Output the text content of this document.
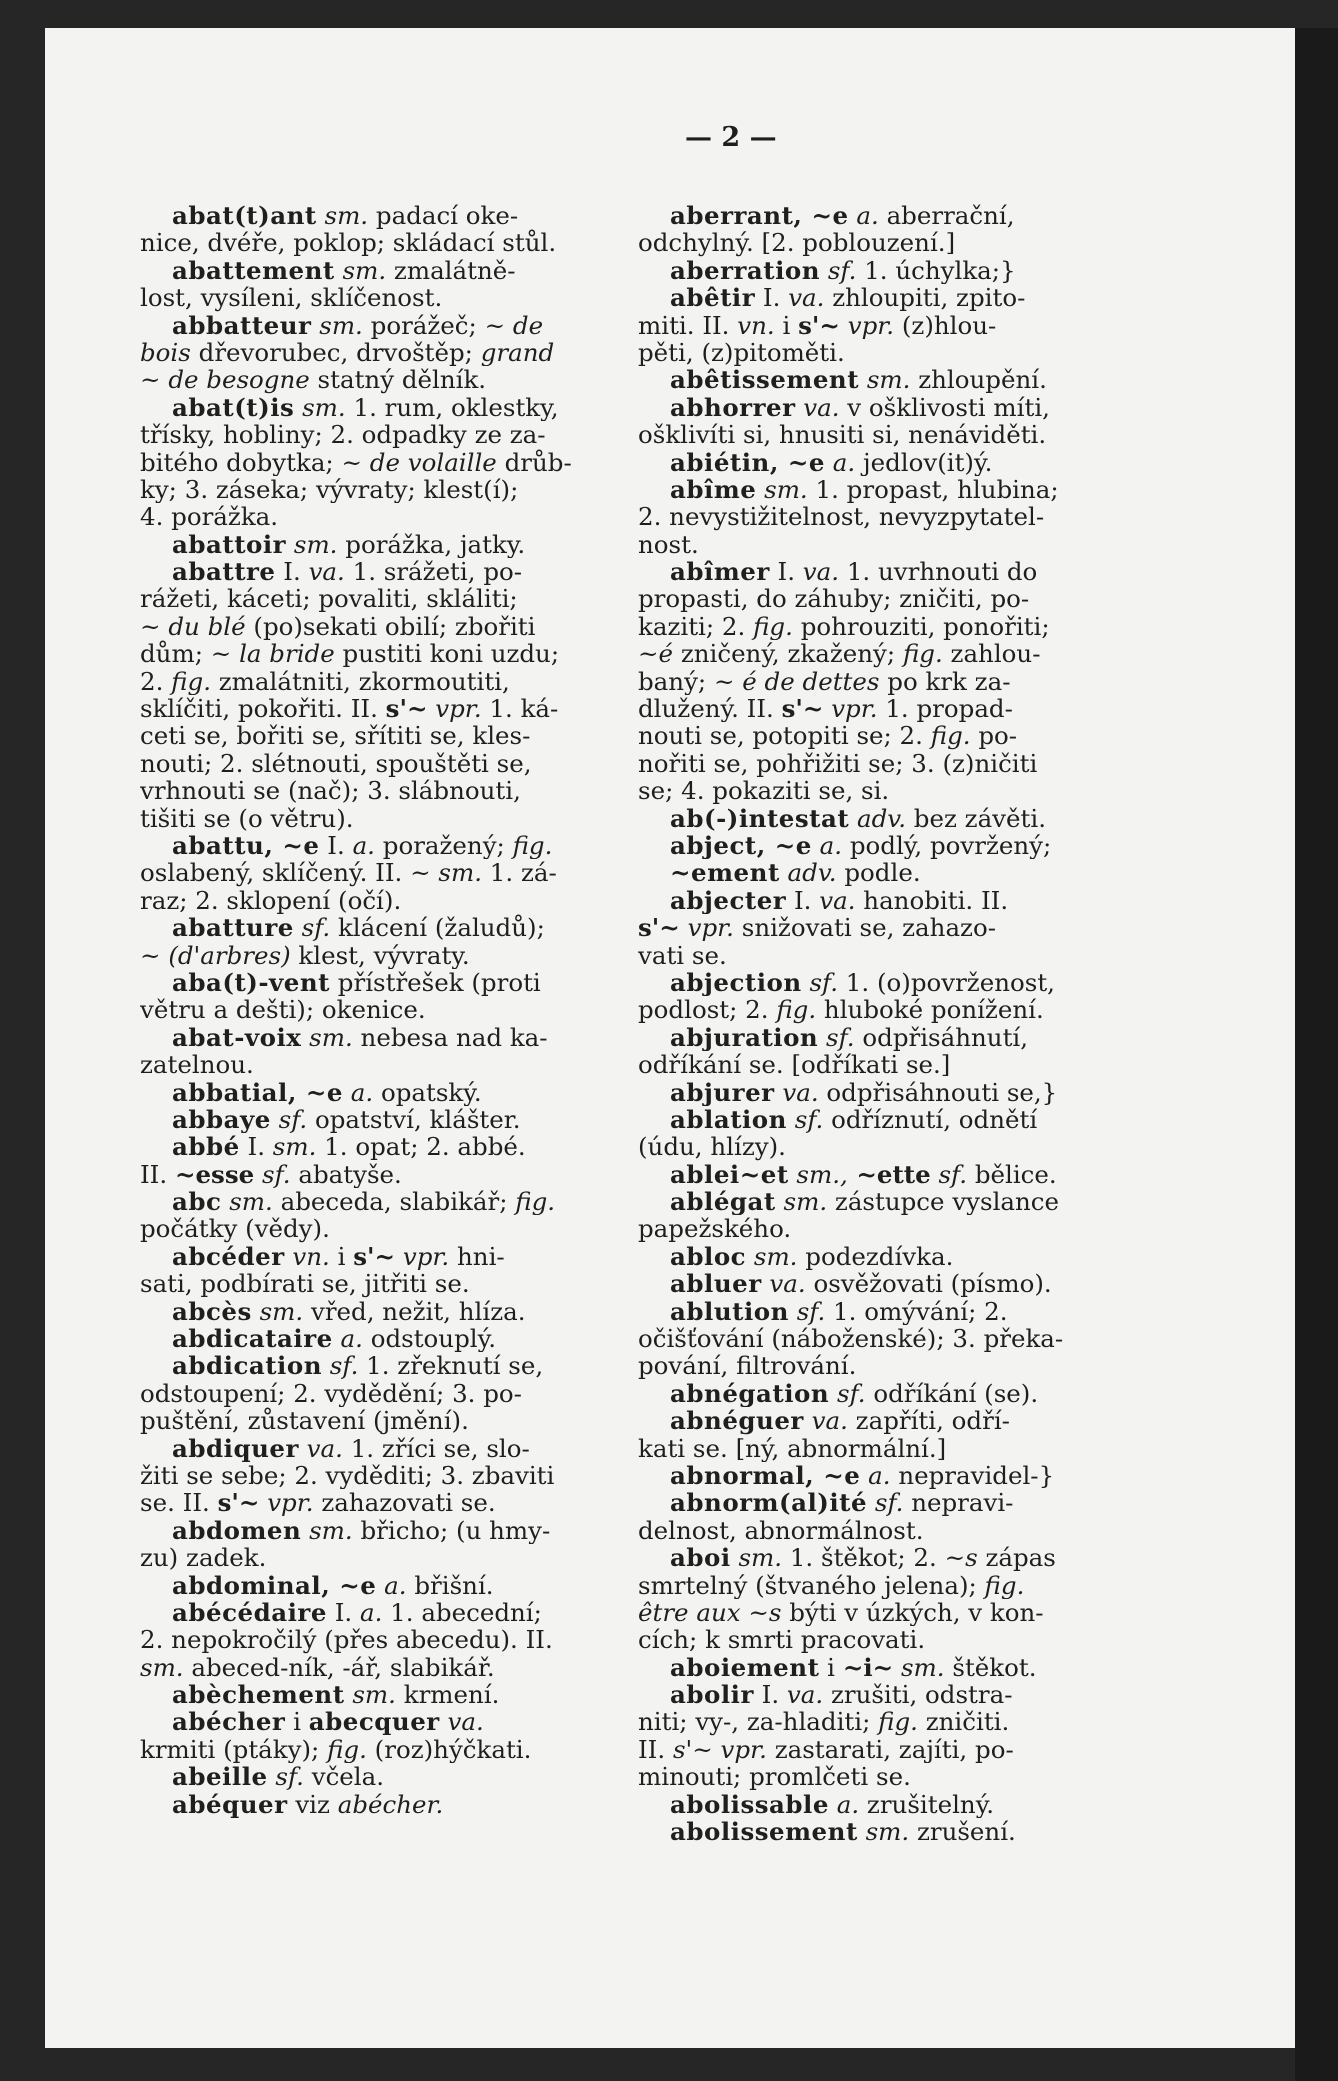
— 2 —
abat(t)ant sm. padací oke-
nice, dvéře, poklop; skládací stůl.
abattement sm. zmalátně-
lost, vysíleni, sklíčenost.
abbatteur sm. porážeč; ~ de
bois dřevorubec, drvoštěp; grand
~ de besogne statný dělník.
abat(t)is sm. 1. rum, oklestky,
třísky, hobliny; 2. odpadky ze za-
bitého dobytka; ~ de volaille drůb-
ky; 3. záseka; vývraty; klest(í);
4. porážka.
abattoir sm. porážka, jatky.
abattre I. va. 1. srážeti, po-
rážeti, káceti; povaliti, skláliti;
~ du blé (po)sekati obilí; zbořiti
dům; ~ la bride pustiti koni uzdu;
2. fig. zmalátniti, zkormoutiti,
sklíčiti, pokořiti. II. s'~ vpr. 1. ká-
ceti se, bořiti se, sřítiti se, kles-
nouti; 2. slétnouti, spouštěti se,
vrhnouti se (nač); 3. slábnouti,
tišiti se (o větru).
abattu, ~e I. a. poražený; fig.
oslabený, sklíčený. II. ~ sm. 1. zá-
raz; 2. sklopení (očí).
abatture sf. klácení (žaludů);
~ (d'arbres) klest, vývraty.
aba(t)-vent přístřešek (proti
větru a dešti); okenice.
abat-voix sm. nebesa nad ka-
zatelnou.
abbatial, ~e a. opatský.
abbaye sf. opatství, klášter.
abbé I. sm. 1. opat; 2. abbé.
II. ~esse sf. abatyše.
abc sm. abeceda, slabikář; fig.
počátky (vědy).
abcéder vn. i s'~ vpr. hni-
sati, podbírati se, jitřiti se.
abcès sm. vřed, nežit, hlíza.
abdicataire a. odstouplý.
abdication sf. 1. zřeknutí se,
odstoupení; 2. vydědění; 3. po-
puštění, zůstavení (jmění).
abdiquer va. 1. zříci se, slo-
žiti se sebe; 2. vyděditi; 3. zbaviti
se. II. s'~ vpr. zahazovati se.
abdomen sm. břicho; (u hmy-
zu) zadek.
abdominal, ~e a. břišní.
abécédaire I. a. 1. abecední;
2. nepokročilý (přes abecedu). II.
sm. abeced-ník, -ář, slabikář.
abèchement sm. krmení.
abécher i abecquer va.
krmiti (ptáky); fig. (roz)hýčkati.
abeille sf. včela.
abéquer viz abécher.
aberrant, ~e a. aberrační,
odchylný. [2. poblouzení.]
aberration sf. 1. úchylka;}
abêtir I. va. zhloupiti, zpito-
miti. II. vn. i s'~ vpr. (z)hlou-
pěti, (z)pitoměti.
abêtissement sm. zhloupění.
abhorrer va. v ošklivosti míti,
ošklivíti si, hnusiti si, nenáviděti.
abiétin, ~e a. jedlov(it)ý.
abîme sm. 1. propast, hlubina;
2. nevystižitelnost, nevyzpytatel-
nost.
abîmer I. va. 1. uvrhnouti do
propasti, do záhuby; zničiti, po-
kaziti; 2. fig. pohrouziti, ponořiti;
~é zničený, zkažený; fig. zahlou-
baný; ~ é de dettes po krk za-
dlužený. II. s'~ vpr. 1. propad-
nouti se, potopiti se; 2. fig. po-
nořiti se, pohřižiti se; 3. (z)ničiti
se; 4. pokaziti se, si.
ab(-)intestat adv. bez závěti.
abject, ~e a. podlý, povržený;
~ement adv. podle.
abjecter I. va. hanobiti. II.
s'~ vpr. snižovati se, zahazo-
vati se.
abjection sf. 1. (o)povrženost,
podlost; 2. fig. hluboké ponížení.
abjuration sf. odpřisáhnutí,
odříkání se. [odříkati se.]
abjurer va. odpřisáhnouti se,}
ablation sf. odříznutí, odnětí
(údu, hlízy).
ablei~et sm., ~ette sf. bělice.
ablégat sm. zástupce vyslance
papežského.
abloc sm. podezdívka.
abluer va. osvěžovati (písmo).
ablution sf. 1. omývání; 2.
očišťování (náboženské); 3. překa-
pování, filtrování.
abnégation sf. odříkání (se).
abnéguer va. zapříti, odří-
kati se. [ný, abnormální.]
abnormal, ~e a. nepravidel-}
abnorm(al)ité sf. nepravi-
delnost, abnormálnost.
aboi sm. 1. štěkot; 2. ~s zápas
smrtelný (štvaného jelena); fig.
être aux ~s býti v úzkých, v kon-
cích; k smrti pracovati.
aboiement i ~i~ sm. štěkot.
abolir I. va. zrušiti, odstra-
niti; vy-, za-hladiti; fig. zničiti.
II. s'~ vpr. zastarati, zajíti, po-
minouti; promlčeti se.
abolissable a. zrušitelný.
abolissement sm. zrušení.
